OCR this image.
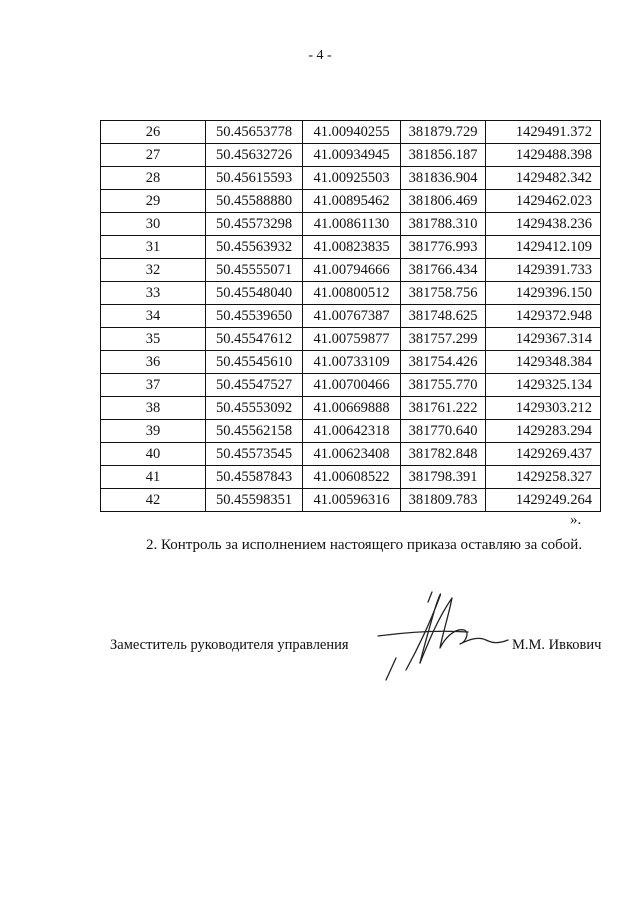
- 4 -
26	50.45653778	41.00940255	381879.729	1429491.372
27	50.45632726	41.00934945	381856.187	1429488.398
28	50.45615593	41.00925503	381836.904	1429482.342
29	50.45588880	41.00895462	381806.469	1429462.023
30	50.45573298	41.00861130	381788.310	1429438.236
31	50.45563932	41.00823835	381776.993	1429412.109
32	50.45555071	41.00794666	381766.434	1429391.733
33	50.45548040	41.00800512	381758.756	1429396.150
34	50.45539650	41.00767387	381748.625	1429372.948
35	50.45547612	41.00759877	381757.299	1429367.314
36	50.45545610	41.00733109	381754.426	1429348.384
37	50.45547527	41.00700466	381755.770	1429325.134
38	50.45553092	41.00669888	381761.222	1429303.212
39	50.45562158	41.00642318	381770.640	1429283.294
40	50.45573545	41.00623408	381782.848	1429269.437
41	50.45587843	41.00608522	381798.391	1429258.327
42	50.45598351	41.00596316	381809.783	1429249.264
».
2. Контроль за исполнением настоящего приказа оставляю за собой.
Заместитель руководителя управления	М.М. Ивкович
